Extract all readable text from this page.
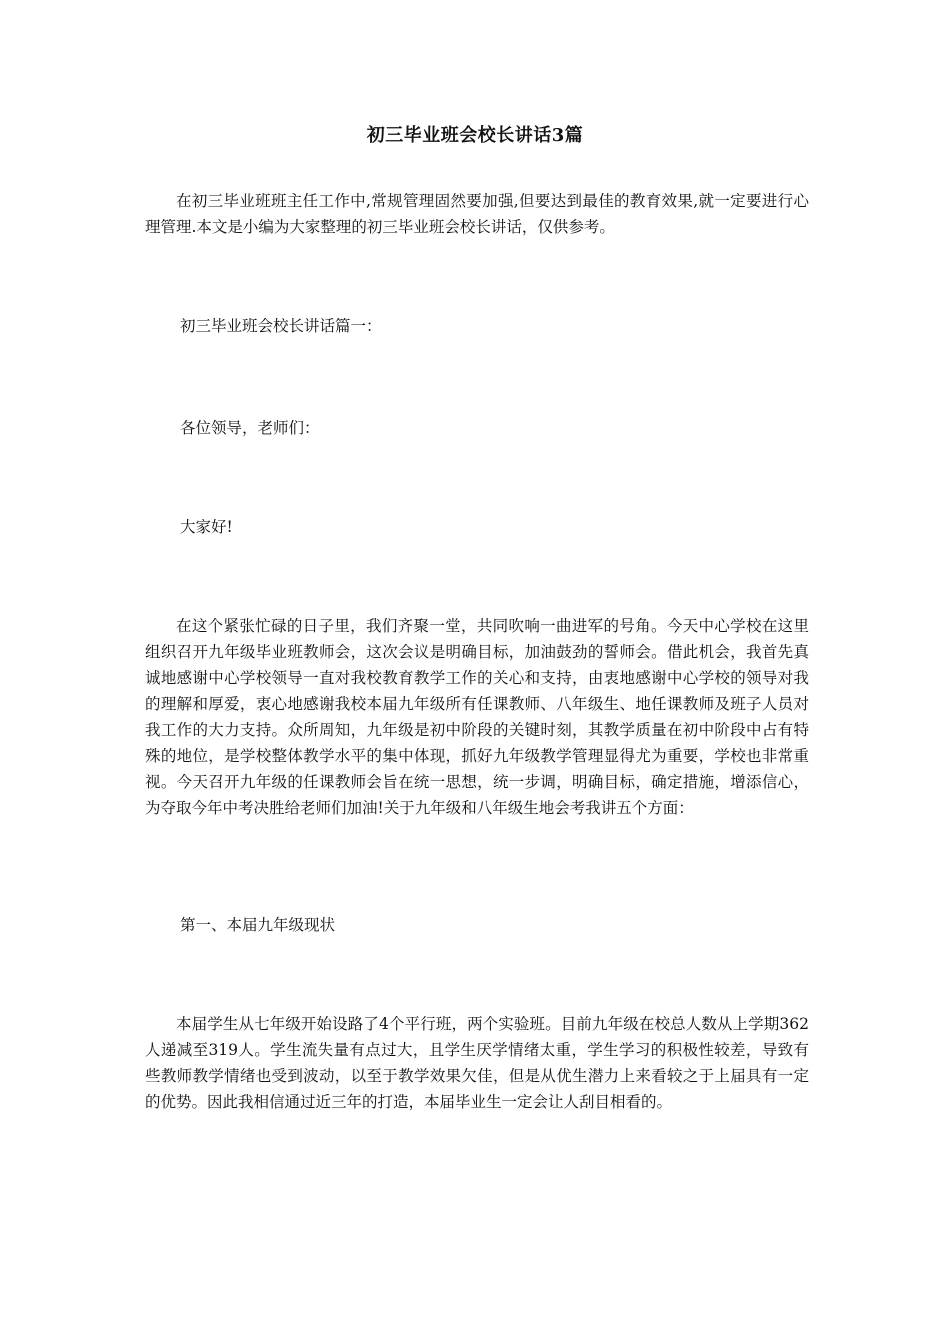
初三毕业班会校长讲话3篇

在初三毕业班班主任工作中,常规管理固然要加强,但要达到最佳的教育效果,就一定要进行心理管理.本文是小编为大家整理的初三毕业班会校长讲话，仅供参考。

初三毕业班会校长讲话篇一：

各位领导，老师们：

大家好!

在这个紧张忙碌的日子里，我们齐聚一堂，共同吹响一曲进军的号角。今天中心学校在这里组织召开九年级毕业班教师会，这次会议是明确目标，加油鼓劲的誓师会。借此机会，我首先真诚地感谢中心学校领导一直对我校教育教学工作的关心和支持，由衷地感谢中心学校的领导对我的理解和厚爱，衷心地感谢我校本届九年级所有任课教师、八年级生、地任课教师及班子人员对我工作的大力支持。众所周知，九年级是初中阶段的关键时刻，其教学质量在初中阶段中占有特殊的地位，是学校整体教学水平的集中体现，抓好九年级教学管理显得尤为重要，学校也非常重视。今天召开九年级的任课教师会旨在统一思想，统一步调，明确目标，确定措施，增添信心，为夺取今年中考决胜给老师们加油!关于九年级和八年级生地会考我讲五个方面：

第一、本届九年级现状

本届学生从七年级开始设路了4个平行班，两个实验班。目前九年级在校总人数从上学期362人递减至319人。学生流失量有点过大，且学生厌学情绪太重，学生学习的积极性较差，导致有些教师教学情绪也受到波动，以至于教学效果欠佳，但是从优生潜力上来看较之于上届具有一定的优势。因此我相信通过近三年的打造，本届毕业生一定会让人刮目相看的。
